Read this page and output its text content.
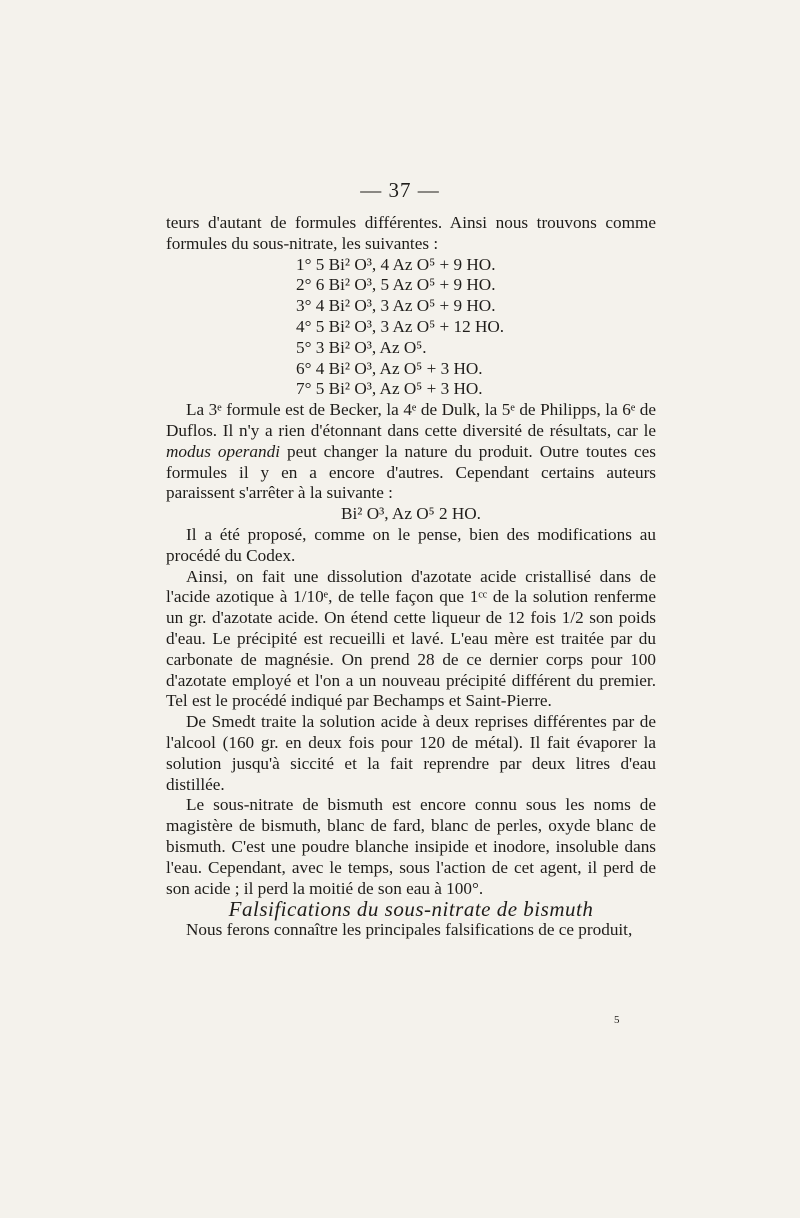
— 37 —

teurs d'autant de formules différentes. Ainsi nous trouvons comme formules du sous-nitrate, les suivantes :

1° 5 Bi² O³, 4 Az O⁵ + 9 HO.
2° 6 Bi² O³, 5 Az O⁵ + 9 HO.
3° 4 Bi² O³, 3 Az O⁵ + 9 HO.
4° 5 Bi² O³, 3 Az O⁵ + 12 HO.
5° 3 Bi² O³, Az O⁵.
6° 4 Bi² O³, Az O⁵ + 3 HO.
7° 5 Bi² O³, Az O⁵ + 3 HO.

La 3ᵉ formule est de Becker, la 4ᵉ de Dulk, la 5ᵉ de Philipps, la 6ᵉ de Duflos. Il n'y a rien d'étonnant dans cette diversité de résultats, car le modus operandi peut changer la nature du produit. Outre toutes ces formules il y en a encore d'autres. Cependant certains auteurs paraissent s'arrêter à la suivante :

Bi² O³, Az O⁵ 2 HO.

Il a été proposé, comme on le pense, bien des modifications au procédé du Codex.

Ainsi, on fait une dissolution d'azotate acide cristallisé dans de l'acide azotique à 1/10ᵉ, de telle façon que 1ᶜᶜ de la solution renferme un gr. d'azotate acide. On étend cette liqueur de 12 fois 1/2 son poids d'eau. Le précipité est recueilli et lavé. L'eau mère est traitée par du carbonate de magnésie. On prend 28 de ce dernier corps pour 100 d'azotate employé et l'on a un nouveau précipité différent du premier. Tel est le procédé indiqué par Bechamps et Saint-Pierre.

De Smedt traite la solution acide à deux reprises différentes par de l'alcool (160 gr. en deux fois pour 120 de métal). Il fait évaporer la solution jusqu'à siccité et la fait reprendre par deux litres d'eau distillée.

Le sous-nitrate de bismuth est encore connu sous les noms de magistère de bismuth, blanc de fard, blanc de perles, oxyde blanc de bismuth. C'est une poudre blanche insipide et inodore, insoluble dans l'eau. Cependant, avec le temps, sous l'action de cet agent, il perd de son acide ; il perd la moitié de son eau à 100°.

Falsifications du sous-nitrate de bismuth

Nous ferons connaître les principales falsifications de ce produit,

5
